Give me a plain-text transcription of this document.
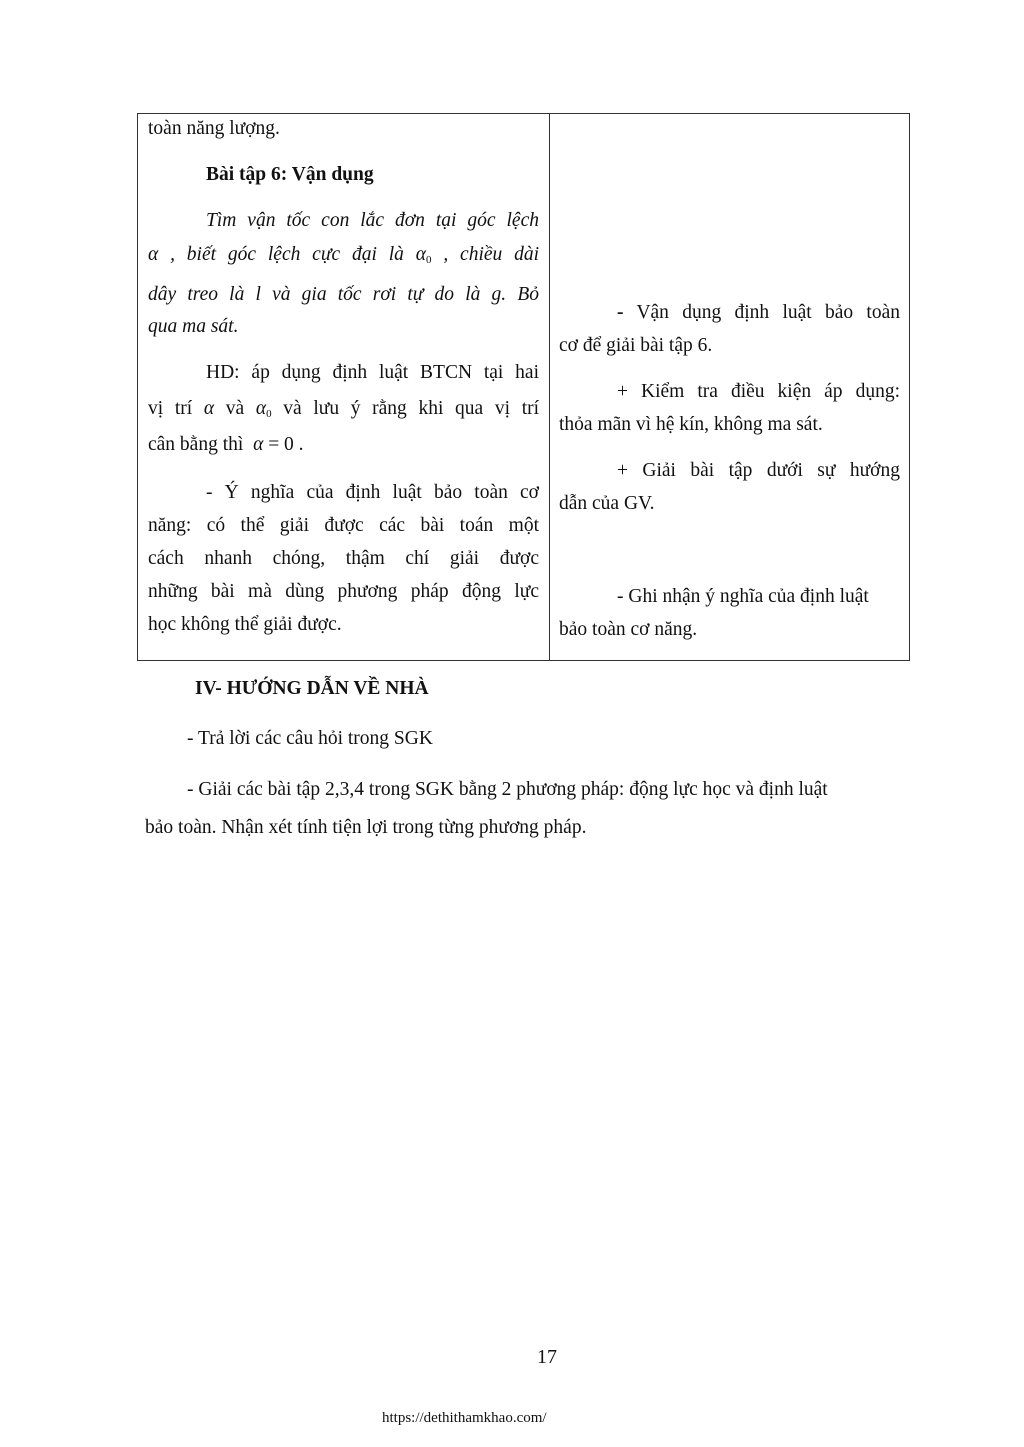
toàn năng lượng.
Bài tập 6: Vận dụng
Tìm vận tốc con lắc đơn tại góc lệch
α , biết góc lệch cực đại là $\alpha_0$ , chiều dài
dây treo là l và gia tốc rơi tự do là g. Bỏ
qua ma sát.
HD: áp dụng định luật BTCN tại hai
vị trí α và $\alpha_0$ và lưu ý rằng khi qua vị trí
cân bằng thì α = 0 .
- Ý nghĩa của định luật bảo toàn cơ
năng: có thể giải được các bài toán một
cách nhanh chóng, thậm chí giải được
những bài mà dùng phương pháp động lực
học không thể giải được.
- Vận dụng định luật bảo toàn
cơ để giải bài tập 6.
+ Kiểm tra điều kiện áp dụng:
thỏa mãn vì hệ kín, không ma sát.
+ Giải bài tập dưới sự hướng
dẫn của GV.
- Ghi nhận ý nghĩa của định luật
bảo toàn cơ năng.
IV- HƯỚNG DẪN VỀ NHÀ
- Trả lời các câu hỏi trong SGK
- Giải các bài tập 2,3,4 trong SGK bằng 2 phương pháp: động lực học và định luật
bảo toàn. Nhận xét tính tiện lợi trong từng phương pháp.
17
https://dethithamkhao.com/
